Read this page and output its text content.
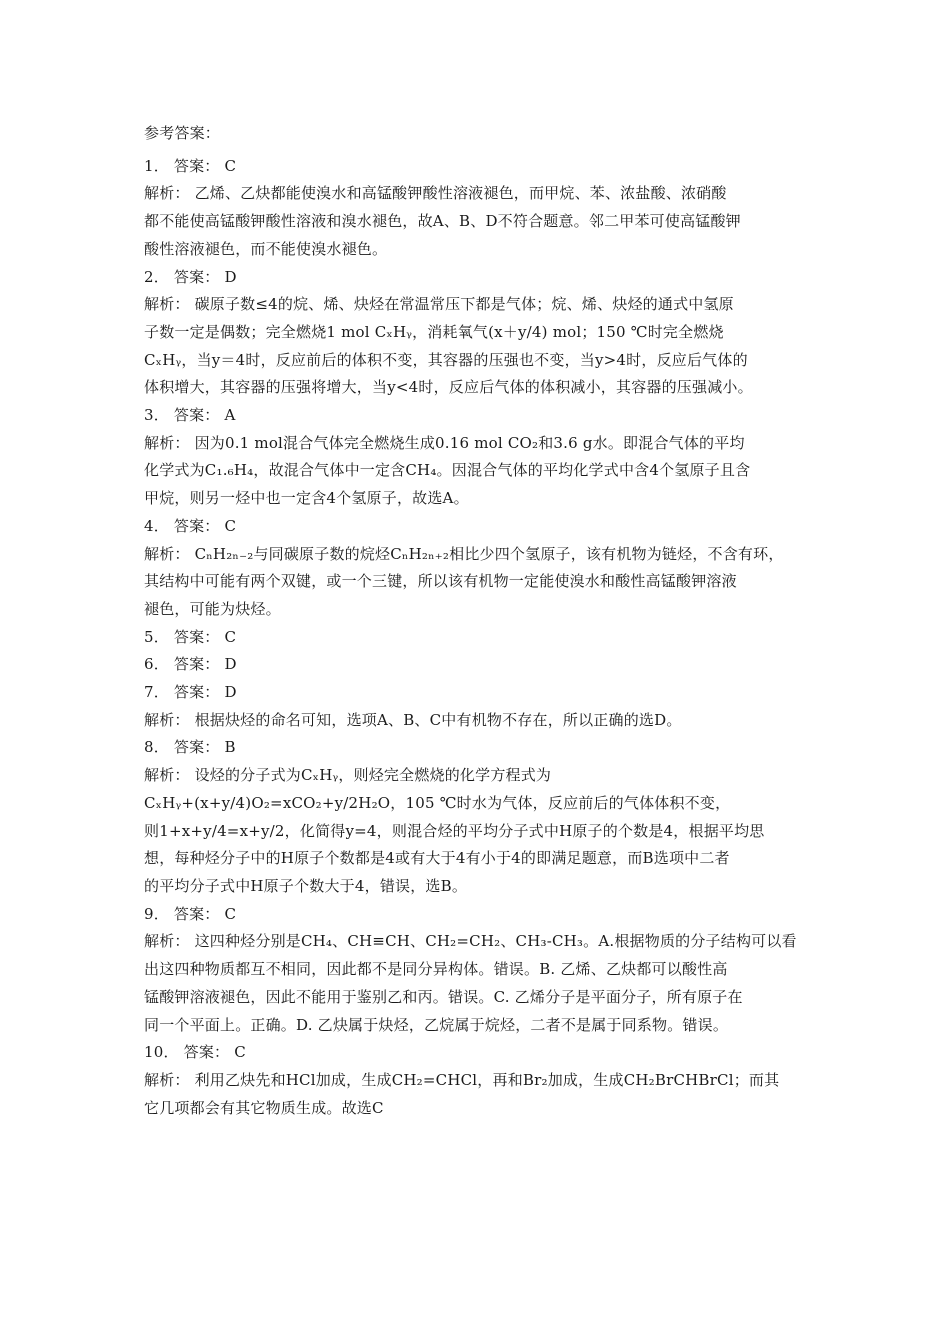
参考答案：
1． 答案： C
解析： 乙烯、乙炔都能使溴水和高锰酸钾酸性溶液褪色，而甲烷、苯、浓盐酸、浓硝酸
都不能使高锰酸钾酸性溶液和溴水褪色，故A、B、D不符合题意。邻二甲苯可使高锰酸钾
酸性溶液褪色，而不能使溴水褪色。
2． 答案： D
解析： 碳原子数≤4的烷、烯、炔烃在常温常压下都是气体；烷、烯、炔烃的通式中氢原
子数一定是偶数；完全燃烧1 mol CₓHᵧ，消耗氧气(x＋y/4) mol；150 ℃时完全燃烧
CₓHᵧ，当y＝4时，反应前后的体积不变，其容器的压强也不变，当y>4时，反应后气体的
体积增大，其容器的压强将增大，当y<4时，反应后气体的体积减小，其容器的压强减小。
3． 答案： A
解析： 因为0.1 mol混合气体完全燃烧生成0.16 mol CO₂和3.6 g水。即混合气体的平均
化学式为C₁.₆H₄，故混合气体中一定含CH₄。因混合气体的平均化学式中含4个氢原子且含
甲烷，则另一烃中也一定含4个氢原子，故选A。
4． 答案： C
解析： CₙH₂ₙ₋₂与同碳原子数的烷烃CₙH₂ₙ₊₂相比少四个氢原子，该有机物为链烃，不含有环，
其结构中可能有两个双键，或一个三键，所以该有机物一定能使溴水和酸性高锰酸钾溶液
褪色，可能为炔烃。
5． 答案： C
6． 答案： D
7． 答案： D
解析： 根据炔烃的命名可知，选项A、B、C中有机物不存在，所以正确的选D。
8． 答案： B
解析： 设烃的分子式为CₓHᵧ，则烃完全燃烧的化学方程式为
CₓHᵧ+(x+y/4)O₂=xCO₂+y/2H₂O，105 ℃时水为气体，反应前后的气体体积不变，
则1+x+y/4=x+y/2，化简得y=4，则混合烃的平均分子式中H原子的个数是4，根据平均思
想，每种烃分子中的H原子个数都是4或有大于4有小于4的即满足题意，而B选项中二者
的平均分子式中H原子个数大于4，错误，选B。
9． 答案： C
解析： 这四种烃分别是CH₄、CH≡CH、CH₂=CH₂、CH₃-CH₃。A.根据物质的分子结构可以看
出这四种物质都互不相同，因此都不是同分异构体。错误。B. 乙烯、乙炔都可以酸性高
锰酸钾溶液褪色，因此不能用于鉴别乙和丙。错误。C. 乙烯分子是平面分子，所有原子在
同一个平面上。正确。D. 乙炔属于炔烃，乙烷属于烷烃，二者不是属于同系物。错误。
10． 答案： C
解析： 利用乙炔先和HCl加成，生成CH₂=CHCl，再和Br₂加成，生成CH₂BrCHBrCl；而其
它几项都会有其它物质生成。故选C
